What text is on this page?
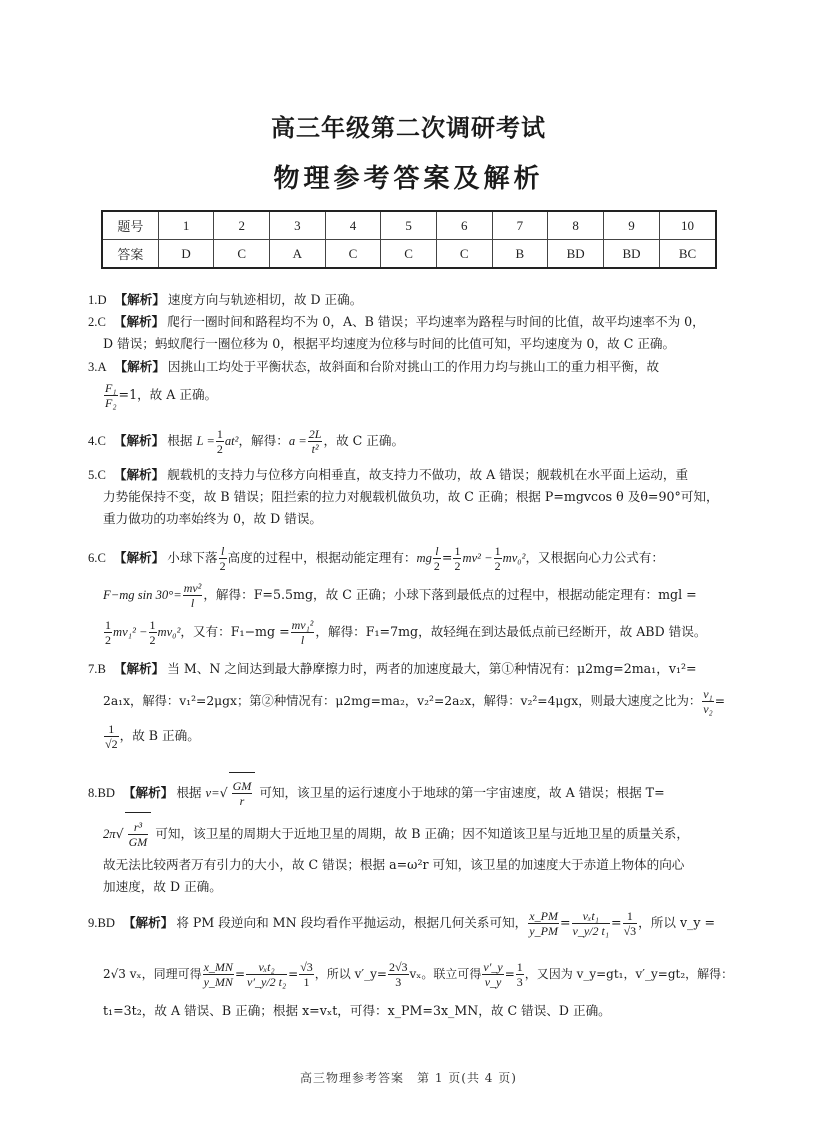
高三年级第二次调研考试
物理参考答案及解析
题号	1	2	3	4	5	6	7	8	9	10
答案	D	C	A	C	C	C	B	BD	BD	BC
1.D 【解析】 速度方向与轨迹相切，故 D 正确。
2.C 【解析】 爬行一圈时间和路程均不为 0，A、B 错误；平均速率为路程与时间的比值，故平均速率不为 0，
D 错误；蚂蚁爬行一圈位移为 0，根据平均速度为位移与时间的比值可知，平均速度为 0，故 C 正确。
3.A 【解析】 因挑山工均处于平衡状态，故斜面和台阶对挑山工的作用力均与挑山工的重力相平衡，故
$\frac{\text{F₁}}{\text{F₂}} =1$，故 A 正确。
4.C 【解析】 根据 $L = \frac{1}{2} at^2$，解得：$a = \frac{2L}{\text{t²}}$ ，故 C 正确。
5.C 【解析】 舰载机的支持力与位移方向相垂直，故支持力不做功，故 A 错误；舰载机在水平面上运动，重
力势能保持不变，故 B 错误；阻拦索的拉力对舰载机做负功，故 C 正确；根据 P=mgvcos θ 及θ=90°可知，
重力做功的功率始终为 0，故 D 错误。
6.C 【解析】 小球下落 $\frac{l}{2}$ 高度的过程中，根据动能定理有：mg $\frac{l}{2} = \frac{1}{2} mv^2 - \frac{1}{2} mv_0^2$，又根据向心力公式有：
F−mg $\sin 30^\circ= \frac{\text{mv²}}{l}$ ，解得：F=5.5mg，故 C 正确；小球下落到最低点的过程中，根据动能定理有：mgl =
$\frac{1}{2} mv_1^2 - \frac{1}{2} mv_0^2$，又有：$F_1-mg = \frac{\text{mv₁²}}{l}$ ，解得：F₁=7mg，故轻绳在到达最低点前已经断开，故 ABD 错误。
7.B 【解析】 当 M、N 之间达到最大静摩擦力时，两者的加速度最大，第①种情况有：μ2mg=2ma₁，v₁²=
2a₁x，解得：v₁²=2μgx；第②种情况有：μ2mg=ma₂，v₂²=2a₂x，解得：v₂²=4μgx，则最大速度之比为： $\frac{\text{v₁}}{\text{v₂}}$ =
$\frac{1}{√2}$ ，故 B 正确。
8.BD 【解析】 根据 $v=√ \frac{GM}{r}$ 可知，该卫星的运行速度小于地球的第一宇宙速度，故 A 错误；根据 T=
$2\pi√ \frac{\text{r³}}{GM}$ 可知，该卫星的周期大于近地卫星的周期，故 B 正确；因不知道该卫星与近地卫星的质量关系，
故无法比较两者万有引力的大小，故 C 错误；根据 a=ω²r 可知，该卫星的加速度大于赤道上物体的向心
加速度，故 D 正确。
9.BD 【解析】 将 PM 段逆向和 MN 段均看作平抛运动，根据几何关系可知， $\frac{x\_PM}{y\_PM} = \frac{\text{vₓt₁}}{\text{v\_y/2 t₁}} = \frac{1}{√3}$ ，所以 v_y =
2√3 vₓ，同理可得 $\frac{x\_MN}{y\_MN} = \frac{\text{vₓt₂}}{\text{v′\_y/2 t₂}} = \frac{√3}{1}$ ，所以 v′_y= $\frac{2√3}{3}$ vₓ。联立可得 $\frac{v'\_y}{v\_y} = \frac{1}{3}$ ，又因为 v_y=gt₁，v′_y=gt₂，解得：
t₁=3t₂，故 A 错误、B 正确；根据 x=vₓt，可得：x_PM=3x_MN，故 C 错误、D 正确。
高三物理参考答案　第 1 页(共 4 页)
